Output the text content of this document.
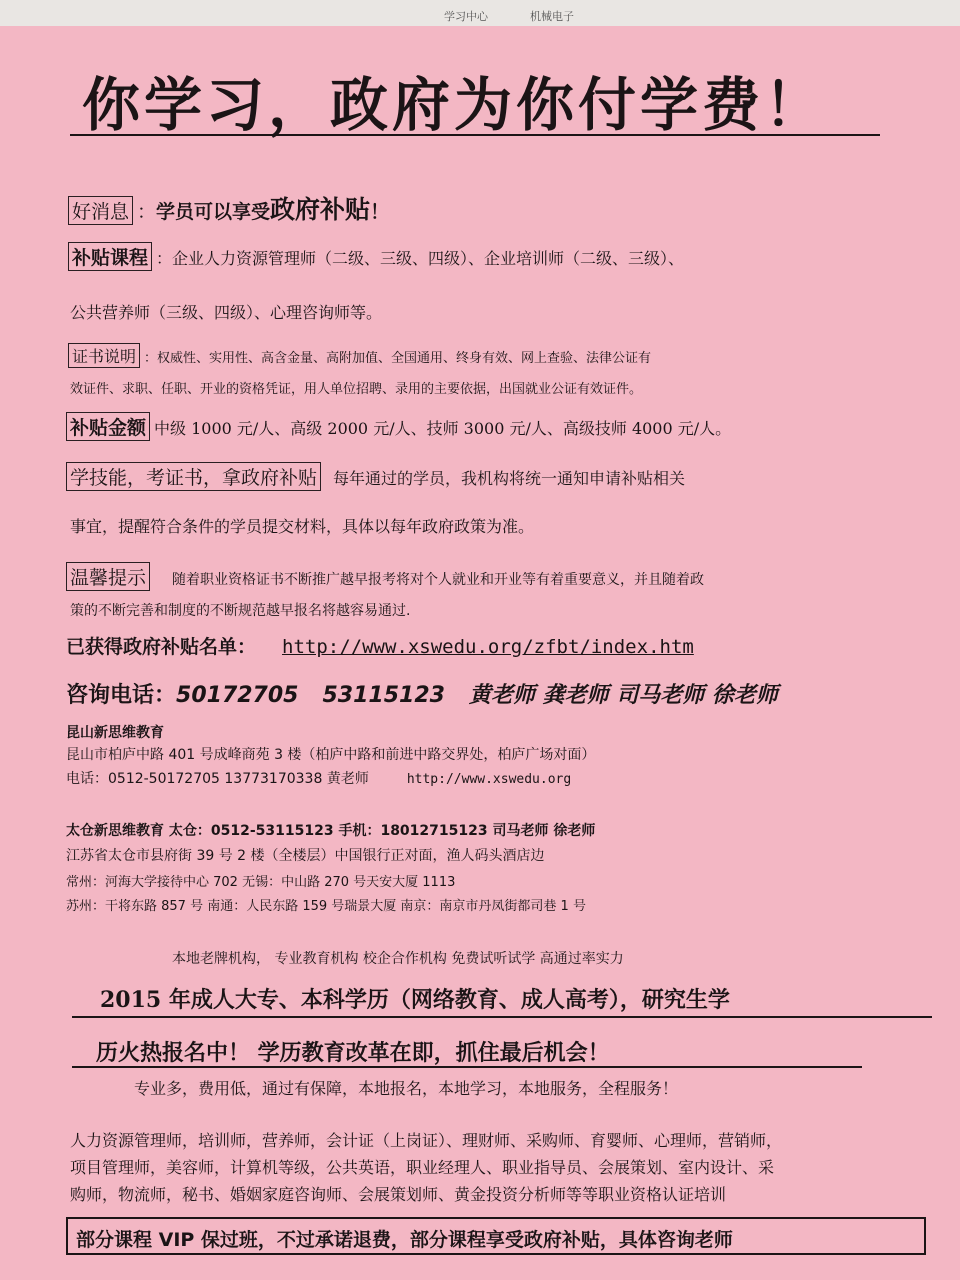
学习中心	机械电子
你学习，政府为你付学费！
好消息 ：学员可以享受政府补贴！
补贴课程 ：企业人力资源管理师（二级、三级、四级）、企业培训师（二级、三级）、
公共营养师（三级、四级）、心理咨询师等。
证书说明 ：权威性、实用性、高含金量、高附加值、全国通用、终身有效、网上查验、法律公证有
效证件、求职、任职、开业的资格凭证，用人单位招聘、录用的主要依据，出国就业公证有效证件。
补贴金额 中级 1000 元/人、高级 2000 元/人、技师 3000 元/人、高级技师 4000 元/人。
学技能，考证书，拿政府补贴 每年通过的学员，我机构将统一通知申请补贴相关
事宜，提醒符合条件的学员提交材料，具体以每年政府政策为准。
温馨提示 随着职业资格证书不断推广越早报考将对个人就业和开业等有着重要意义，并且随着政
策的不断完善和制度的不断规范越早报名将越容易通过.
已获得政府补贴名单： http://www.xswedu.org/zfbt/index.htm
咨询电话：50172705 53115123 黄老师 龚老师 司马老师 徐老师
昆山新思维教育
昆山市柏庐中路 401 号成峰商苑 3 楼（柏庐中路和前进中路交界处，柏庐广场对面）
电话：0512-50172705 13773170338 黄老师	http://www.xswedu.org
太仓新思维教育 太仓：0512-53115123 手机：18012715123 司马老师 徐老师
江苏省太仓市县府街 39 号 2 楼（全楼层）中国银行正对面，渔人码头酒店边
常州：河海大学接待中心 702 无锡：中山路 270 号天安大厦 1113
苏州：干将东路 857 号 南通：人民东路 159 号瑞景大厦 南京：南京市丹凤街都司巷 1 号
本地老牌机构， 专业教育机构 校企合作机构 免费试听试学 高通过率实力
2015 年成人大专、本科学历（网络教育、成人高考），研究生学
历火热报名中！ 学历教育改革在即，抓住最后机会！
专业多，费用低，通过有保障，本地报名，本地学习，本地服务，全程服务！
人力资源管理师，培训师，营养师，会计证（上岗证）、理财师、采购师、育婴师、心理师，营销师，
项目管理师，美容师，计算机等级，公共英语，职业经理人、职业指导员、会展策划、室内设计、采
购师，物流师，秘书、婚姻家庭咨询师、会展策划师、黄金投资分析师等等职业资格认证培训
部分课程 VIP 保过班，不过承诺退费，部分课程享受政府补贴，具体咨询老师
